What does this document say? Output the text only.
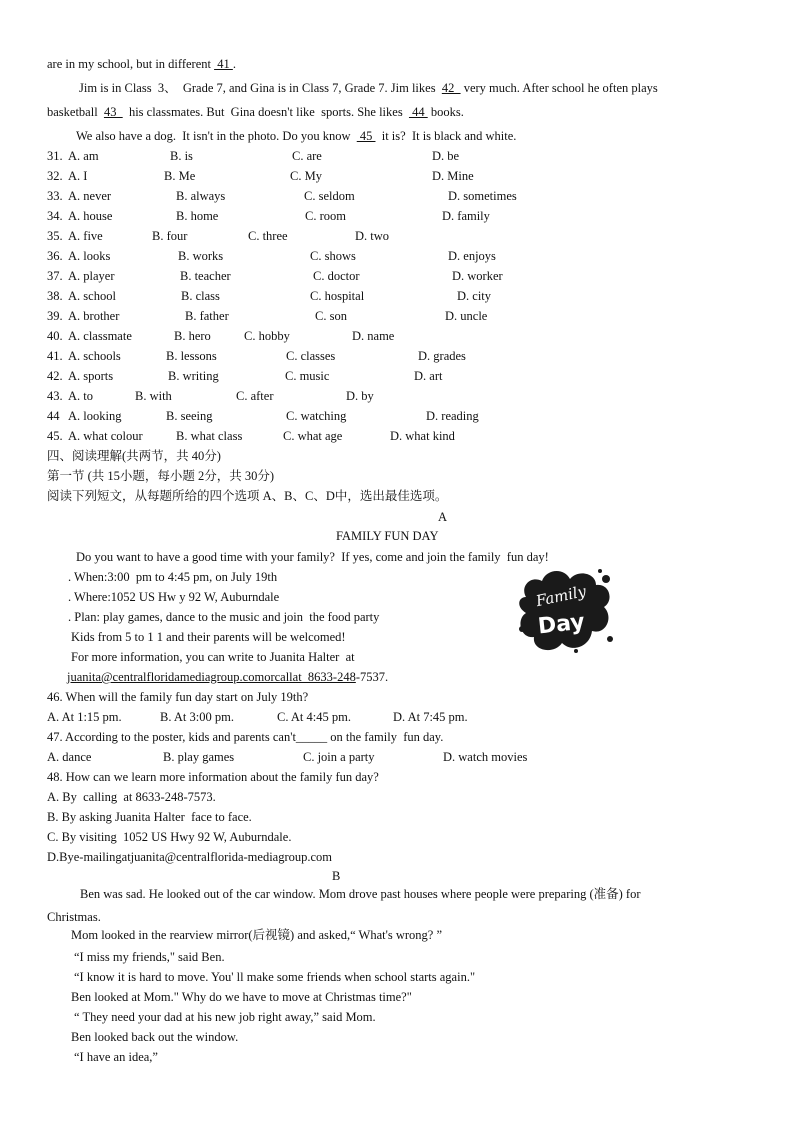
are in my school, but in different  41 .
Jim is in Class  3、  Grade 7, and Gina is in Class 7, Grade 7. Jim likes  42   very much. After school he often plays
basketball  43    his classmates. But  Gina doesn't like  sports. She likes   44  books.
We also have a dog.  It isn't in the photo. Do you know   45   it is?  It is black and white.
31. A. am	B. is	C. are	D. be
32. A. I	B. Me	C. My	D. Mine
33. A. never	B. always	C. seldom	D. sometimes
34. A. house	B. home	C. room	D. family
35. A. five	B. four	C. three	D. two
36. A. looks	B. works	C. shows	D. enjoys
37. A. player	B. teacher	C. doctor	D. worker
38. A. school	B. class	C. hospital	D. city
39. A. brother	B. father	C. son	D. uncle
40. A. classmate	B. hero	C. hobby	D. name
41. A. schools	B. lessons	C. classes	D. grades
42. A. sports	B. writing	C. music	D. art
43. A. to	B. with	C. after	D. by
44 A. looking	B. seeing	C. watching	D. reading
45. A. what colour	B. what class	C. what age	D. what kind
四、阅读理解(共两节，共 40分)
第一节 (共 15小题，每小题 2分，共 30分)
阅读下列短文，从每题所给的四个选项 A、B、C、D中，选出最佳选项。
A
FAMILY FUN DAY
Do you want to have a good time with your family?  If yes, come and join the family  fun day!
. When:3:00  pm to 4:45 pm, on July 19th
. Where:1052 US Hw y 92 W, Auburndale
. Plan: play games, dance to the music and join  the food party
Kids from 5 to 1 1 and their parents will be welcomed!
For more information, you can write to Juanita Halter  at
juanita@centralfloridamediagroup.comorcallat  8633-248-7537.
Family
Day
46. When will the family fun day start on July 19th?
A. At 1:15 pm.	B. At 3:00 pm.	C. At 4:45 pm.	D. At 7:45 pm.
47. According to the poster, kids and parents can't_____ on the family  fun day.
A. dance	B. play games	C. join a party	D. watch movies
48. How can we learn more information about the family fun day?
A. By  calling  at 8633-248-7573.
B. By asking Juanita Halter  face to face.
C. By visiting  1052 US Hwy 92 W, Auburndale.
D.Bye-mailingatjuanita@centralflorida-mediagroup.com
B
Ben was sad. He looked out of the car window. Mom drove past houses where people were preparing (准备) for
Christmas.
Mom looked in the rearview mirror(后视镜) and asked,“ What's wrong? ”
“I miss my friends," said Ben.
“I know it is hard to move. You' ll make some friends when school starts again."
Ben looked at Mom." Why do we have to move at Christmas time?"
“ They need your dad at his new job right away,” said Mom.
Ben looked back out the window.
“I have an idea,”
